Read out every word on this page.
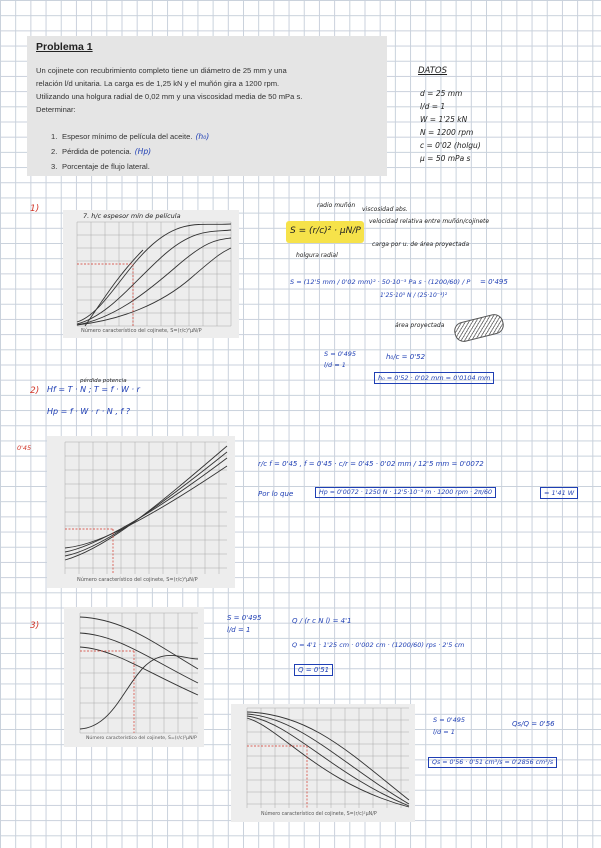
Problema 1
Un cojinete con recubrimiento completo tiene un diámetro de 25 mm y una
relación l/d unitaria. La carga es de 1,25 kN y el muñón gira a 1200 rpm.
Utilizando una holgura radial de 0,02 mm y una viscosidad media de 50 mPa s.
Determinar:
1. Espesor mínimo de película del aceite. (h₀)
2. Pérdida de potencia. (Hp)
3. Porcentaje de flujo lateral.
DATOS
d = 25 mm
l/d = 1
W = 1'25 kN
N = 1200 rpm
c = 0'02 (holgu)
μ = 50 mPa s
1)
7. h/c espesor mín de película
Número característico del cojinete, S=(r/c)²μN/P
radio muñón
viscosidad abs.
velocidad relativa entre muñón/cojinete
carga por u. de área proyectada
holgura radial
S = (r/c)² · μN/P
S = (12'5 mm / 0'02 mm)² · 50·10⁻³ Pa s · (1200/60) / P = 0'495
1'25·10³ N / (25·10⁻³)²
área proyectada
S = 0'495
l/d = 1
h₀/c = 0'52
h₀ = 0'52 · 0'02 mm = 0'0104 mm
2)
pérdida potencia
Hf = T · N ; T = f · W · r
Hp = f · W · r · N , f ?
0'45
Número característico del cojinete, S=(r/c)²μN/P
r/c f = 0'45 , f = 0'45 · c/r = 0'45 · 0'02 mm / 12'5 mm = 0'0072
Por lo que	Hp = 0'0072 · 1250 N · 12'5·10⁻³ m · 1200 rpm · 2π/60	= 1'41 W
3)
Número característico del cojinete, S=(r/c)²μN/P
S = 0'495
l/d = 1
Q / (r c N l) = 4'1
Q = 4'1 · 1'25 cm · 0'002 cm · (1200/60) rps · 2'5 cm
Q = 0'51
Número característico del cojinete, S=(r/c)²μN/P
S = 0'495
l/d = 1
Qs/Q = 0'56
Qs = 0'56 · 0'51 cm³/s = 0'2856 cm³/s
